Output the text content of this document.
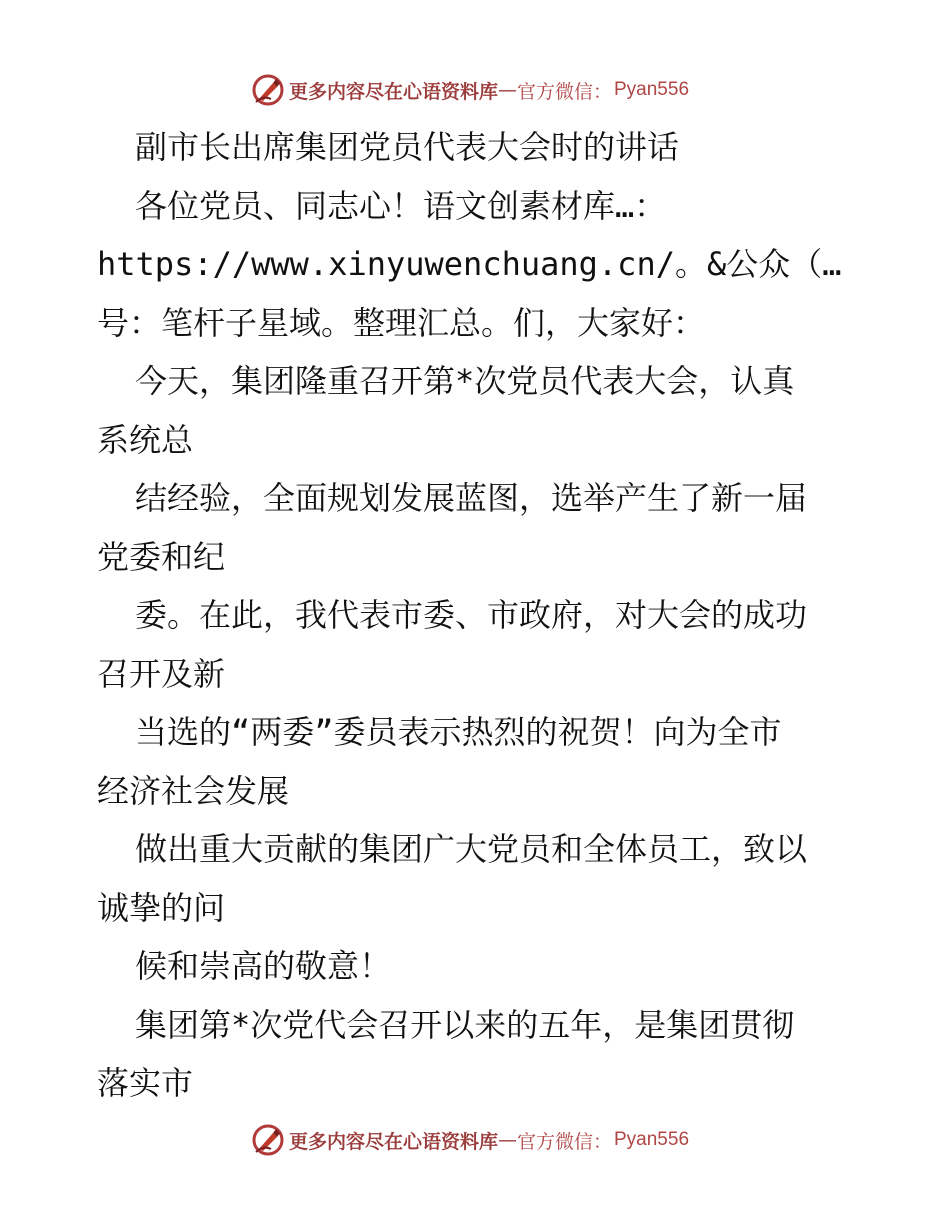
更多内容尽在心语资料库 — 官方微信： Pyan556
副市长出席集团党员代表大会时的讲话
各位党员、同志心！语文创素材库…：
https://www.xinyuwenchuang.cn/。&公众（…
号：笔杆子星域。整理汇总。们，大家好：
今天，集团隆重召开第*次党员代表大会，认真
系统总
结经验，全面规划发展蓝图，选举产生了新一届
党委和纪
委。在此，我代表市委、市政府，对大会的成功
召开及新
当选的“两委”委员表示热烈的祝贺！向为全市
经济社会发展
做出重大贡献的集团广大党员和全体员工，致以
诚挚的问
候和崇高的敬意！
集团第*次党代会召开以来的五年，是集团贯彻
落实市
更多内容尽在心语资料库 — 官方微信： Pyan556
